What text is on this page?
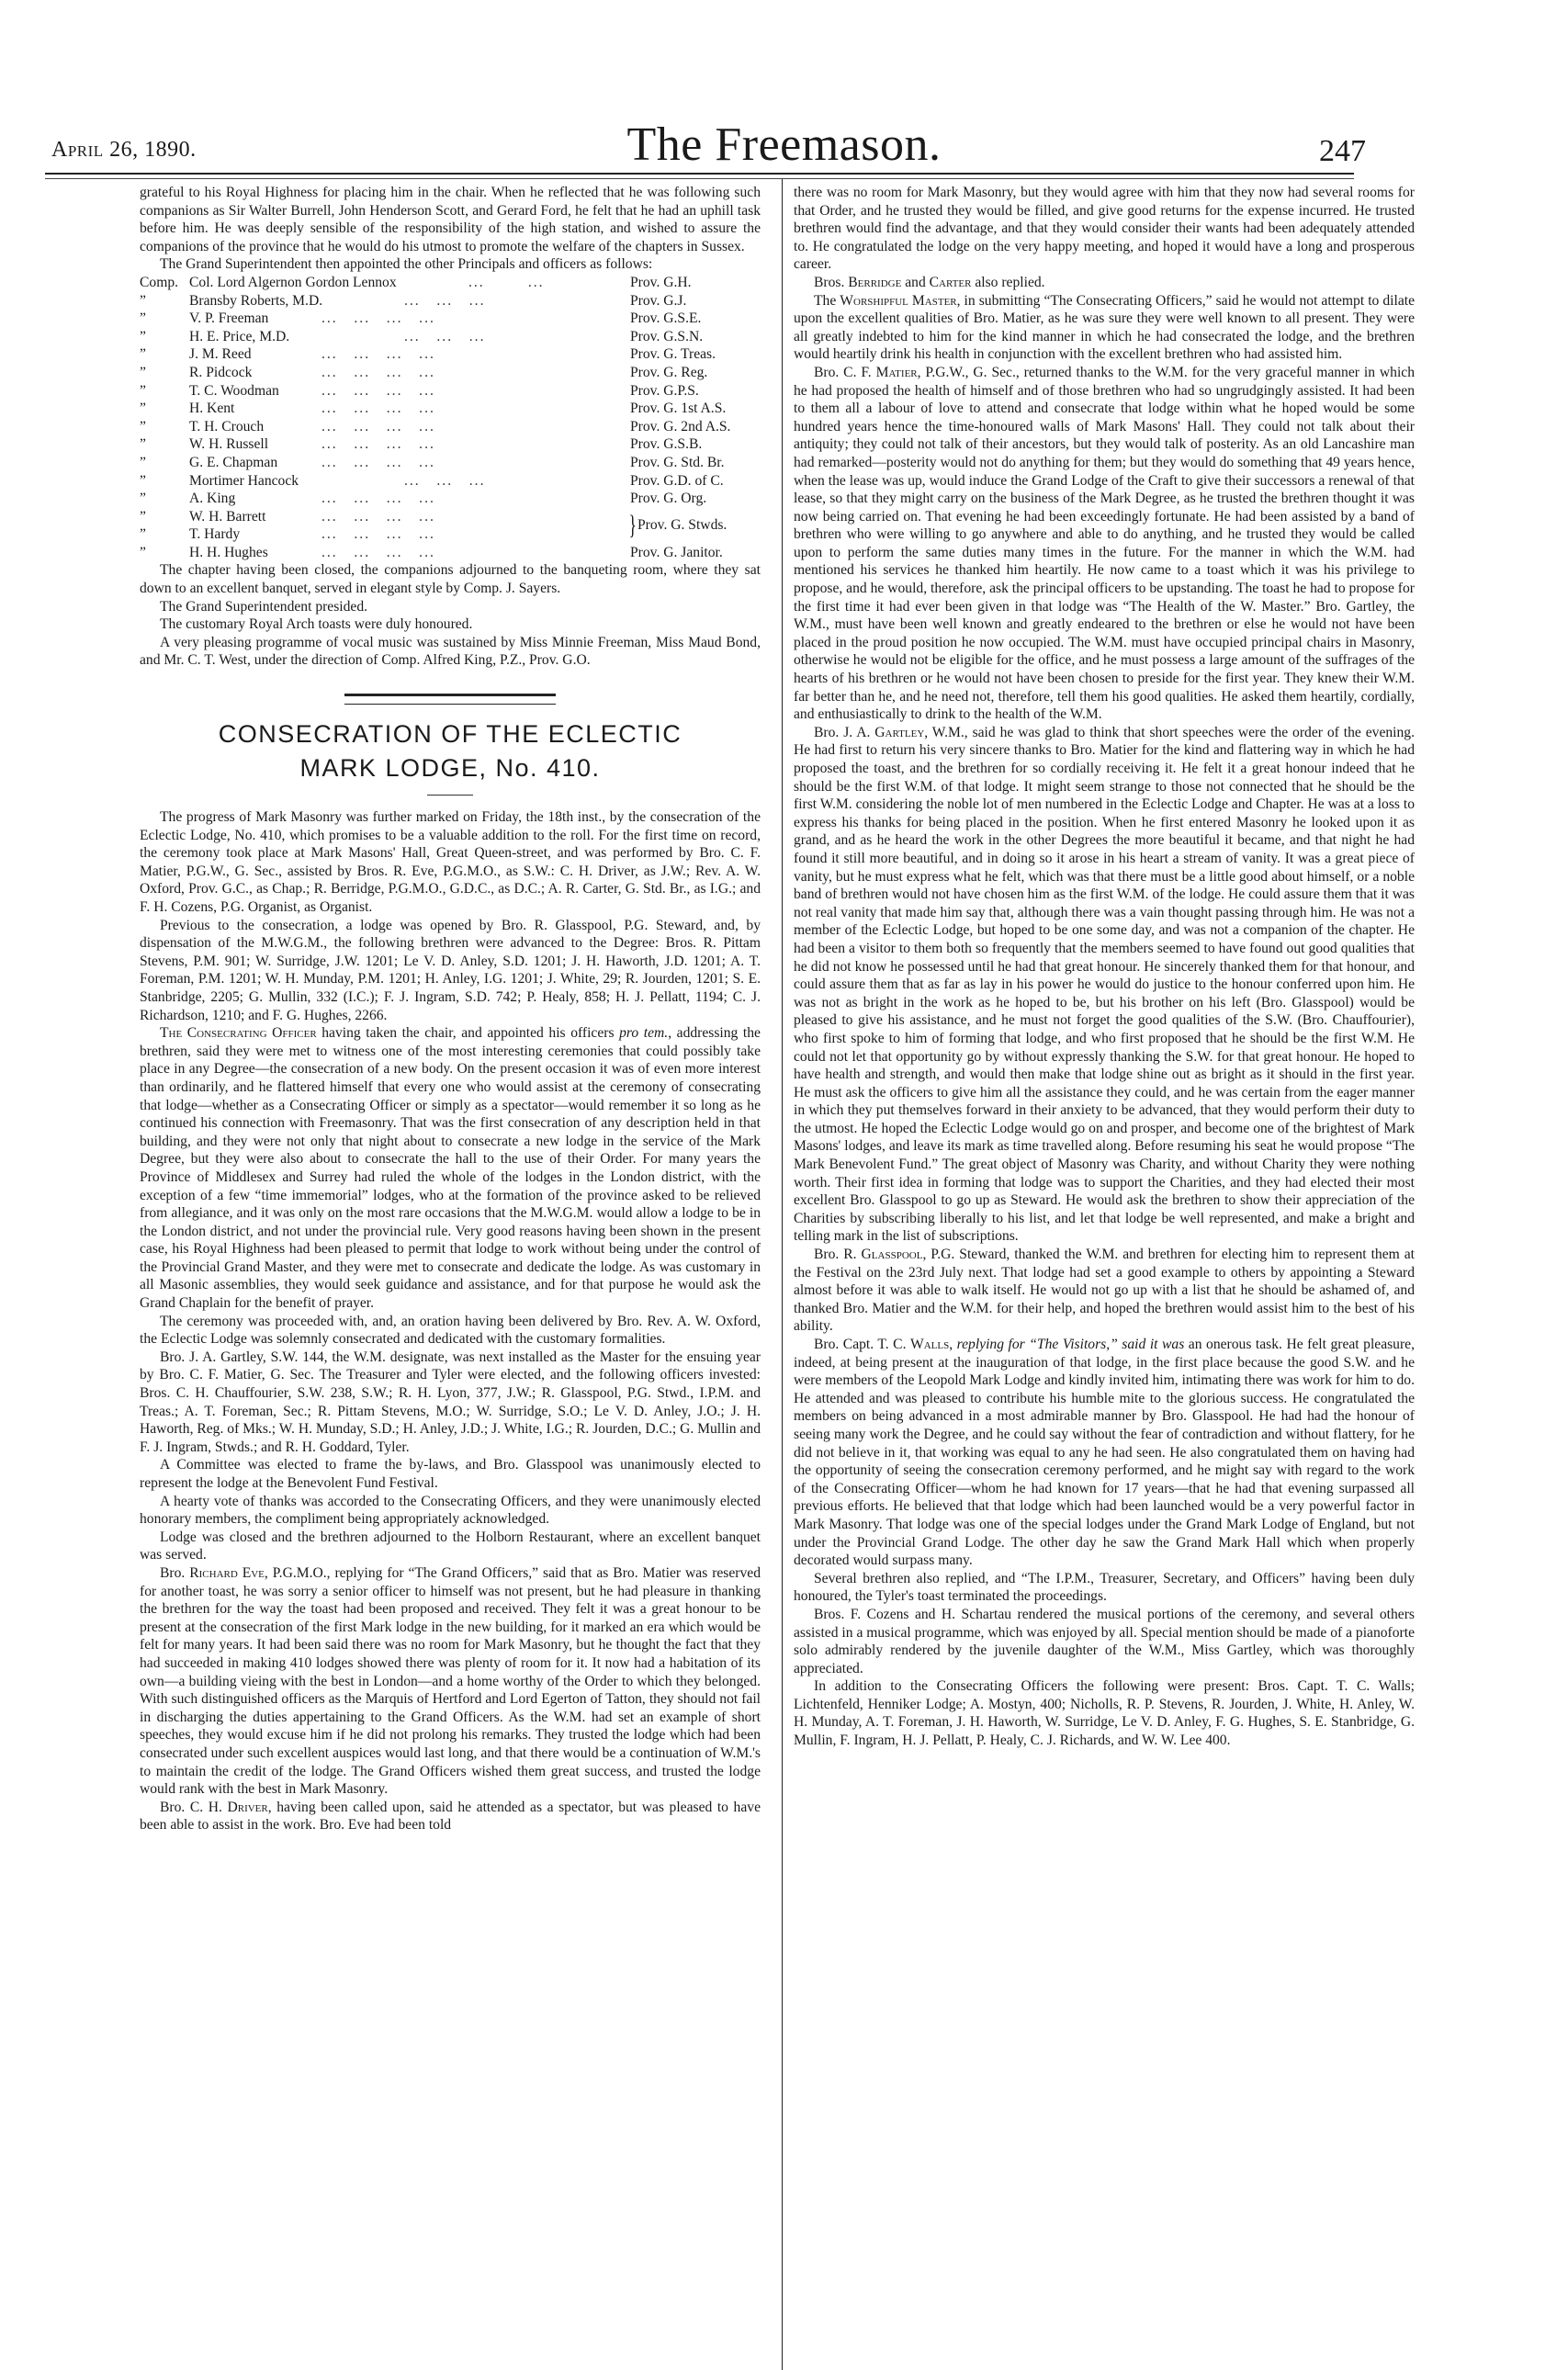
April 26, 1890.	The Freemason.	247

grateful to his Royal Highness for placing him in the chair. When he reflected that he was following such companions as Sir Walter Burrell, John Henderson Scott, and Gerard Ford, he felt that he had an uphill task before him. He was deeply sensible of the responsibility of the high station, and wished to assure the companions of the province that he would do his utmost to promote the welfare of the chapters in Sussex.

The Grand Superintendent then appointed the other Principals and officers as follows:

Comp. Col. Lord Algernon Gordon Lennox	...        ...	Prov. G.H.
”	Bransby Roberts, M.D.	...   ...   ...	Prov. G.J.
”	V. P. Freeman	...   ...   ...   ...	Prov. G.S.E.
”	H. E. Price, M.D.	...   ...   ...	Prov. G.S.N.
”	J. M. Reed	...   ...   ...   ...	Prov. G. Treas.
”	R. Pidcock	...   ...   ...   ...	Prov. G. Reg.
”	T. C. Woodman	...   ...   ...   ...	Prov. G.P.S.
”	H. Kent	...   ...   ...   ...	Prov. G. 1st A.S.
”	T. H. Crouch	...   ...   ...   ...	Prov. G. 2nd A.S.
”	W. H. Russell	...   ...   ...   ...	Prov. G.S.B.
”	G. E. Chapman	...   ...   ...   ...	Prov. G. Std. Br.
”	Mortimer Hancock	...   ...   ...	Prov. G.D. of C.
”	A. King	...   ...   ...   ...	Prov. G. Org.
”	W. H. Barrett	...   ...   ...   ...
”	T. Hardy	...   ...   ...   ...	} Prov. G. Stwds.
”	H. H. Hughes	...   ...   ...   ...	Prov. G. Janitor.

The chapter having been closed, the companions adjourned to the banqueting room, where they sat down to an excellent banquet, served in elegant style by Comp. J. Sayers.

The Grand Superintendent presided.

The customary Royal Arch toasts were duly honoured.

A very pleasing programme of vocal music was sustained by Miss Minnie Freeman, Miss Maud Bond, and Mr. C. T. West, under the direction of Comp. Alfred King, P.Z., Prov. G.O.

CONSECRATION OF THE ECLECTIC
MARK LODGE, No. 410.

The progress of Mark Masonry was further marked on Friday, the 18th inst., by the consecration of the Eclectic Lodge, No. 410, which promises to be a valuable addition to the roll. For the first time on record, the ceremony took place at Mark Masons' Hall, Great Queen-street, and was performed by Bro. C. F. Matier, P.G.W., G. Sec., assisted by Bros. R. Eve, P.G.M.O., as S.W.: C. H. Driver, as J.W.; Rev. A. W. Oxford, Prov. G.C., as Chap.; R. Berridge, P.G.M.O., G.D.C., as D.C.; A. R. Carter, G. Std. Br., as I.G.; and F. H. Cozens, P.G. Organist, as Organist.

Previous to the consecration, a lodge was opened by Bro. R. Glasspool, P.G. Steward, and, by dispensation of the M.W.G.M., the following brethren were advanced to the Degree: Bros. R. Pittam Stevens, P.M. 901; W. Surridge, J.W. 1201; Le V. D. Anley, S.D. 1201; J. H. Haworth, J.D. 1201; A. T. Foreman, P.M. 1201; W. H. Munday, P.M. 1201; H. Anley, I.G. 1201; J. White, 29; R. Jourden, 1201; S. E. Stanbridge, 2205; G. Mullin, 332 (I.C.); F. J. Ingram, S.D. 742; P. Healy, 858; H. J. Pellatt, 1194; C. J. Richardson, 1210; and F. G. Hughes, 2266.

The Consecrating Officer having taken the chair, and appointed his officers pro tem., addressing the brethren, said they were met to witness one of the most interesting ceremonies that could possibly take place in any Degree—the consecration of a new body. On the present occasion it was of even more interest than ordinarily, and he flattered himself that every one who would assist at the ceremony of consecrating that lodge—whether as a Consecrating Officer or simply as a spectator—would remember it so long as he continued his connection with Freemasonry. That was the first consecration of any description held in that building, and they were not only that night about to consecrate a new lodge in the service of the Mark Degree, but they were also about to consecrate the hall to the use of their Order. For many years the Province of Middlesex and Surrey had ruled the whole of the lodges in the London district, with the exception of a few “time immemorial” lodges, who at the formation of the province asked to be relieved from allegiance, and it was only on the most rare occasions that the M.W.G.M. would allow a lodge to be in the London district, and not under the provincial rule. Very good reasons having been shown in the present case, his Royal Highness had been pleased to permit that lodge to work without being under the control of the Provincial Grand Master, and they were met to consecrate and dedicate the lodge. As was customary in all Masonic assemblies, they would seek guidance and assistance, and for that purpose he would ask the Grand Chaplain for the benefit of prayer.

The ceremony was proceeded with, and, an oration having been delivered by Bro. Rev. A. W. Oxford, the Eclectic Lodge was solemnly consecrated and dedicated with the customary formalities.

Bro. J. A. Gartley, S.W. 144, the W.M. designate, was next installed as the Master for the ensuing year by Bro. C. F. Matier, G. Sec. The Treasurer and Tyler were elected, and the following officers invested: Bros. C. H. Chauffourier, S.W. 238, S.W.; R. H. Lyon, 377, J.W.; R. Glasspool, P.G. Stwd., I.P.M. and Treas.; A. T. Foreman, Sec.; R. Pittam Stevens, M.O.; W. Surridge, S.O.; Le V. D. Anley, J.O.; J. H. Haworth, Reg. of Mks.; W. H. Munday, S.D.; H. Anley, J.D.; J. White, I.G.; R. Jourden, D.C.; G. Mullin and F. J. Ingram, Stwds.; and R. H. Goddard, Tyler.

A Committee was elected to frame the by-laws, and Bro. Glasspool was unanimously elected to represent the lodge at the Benevolent Fund Festival.

A hearty vote of thanks was accorded to the Consecrating Officers, and they were unanimously elected honorary members, the compliment being appropriately acknowledged.

Lodge was closed and the brethren adjourned to the Holborn Restaurant, where an excellent banquet was served.

Bro. Richard Eve, P.G.M.O., replying for “The Grand Officers,” said that as Bro. Matier was reserved for another toast, he was sorry a senior officer to himself was not present, but he had pleasure in thanking the brethren for the way the toast had been proposed and received. They felt it was a great honour to be present at the consecration of the first Mark lodge in the new building, for it marked an era which would be felt for many years. It had been said there was no room for Mark Masonry, but he thought the fact that they had succeeded in making 410 lodges showed there was plenty of room for it. It now had a habitation of its own—a building vieing with the best in London—and a home worthy of the Order to which they belonged. With such distinguished officers as the Marquis of Hertford and Lord Egerton of Tatton, they should not fail in discharging the duties appertaining to the Grand Officers. As the W.M. had set an example of short speeches, they would excuse him if he did not prolong his remarks. They trusted the lodge which had been consecrated under such excellent auspices would last long, and that there would be a continuation of W.M.'s to maintain the credit of the lodge. The Grand Officers wished them great success, and trusted the lodge would rank with the best in Mark Masonry.

Bro. C. H. Driver, having been called upon, said he attended as a spectator, but was pleased to have been able to assist in the work. Bro. Eve had been told

there was no room for Mark Masonry, but they would agree with him that they now had several rooms for that Order, and he trusted they would be filled, and give good returns for the expense incurred. He trusted brethren would find the advantage, and that they would consider their wants had been adequately attended to. He congratulated the lodge on the very happy meeting, and hoped it would have a long and prosperous career.

Bros. Berridge and Carter also replied.

The Worshipful Master, in submitting “The Consecrating Officers,” said he would not attempt to dilate upon the excellent qualities of Bro. Matier, as he was sure they were well known to all present. They were all greatly indebted to him for the kind manner in which he had consecrated the lodge, and the brethren would heartily drink his health in conjunction with the excellent brethren who had assisted him.

Bro. C. F. Matier, P.G.W., G. Sec., returned thanks to the W.M. for the very graceful manner in which he had proposed the health of himself and of those brethren who had so ungrudgingly assisted. It had been to them all a labour of love to attend and consecrate that lodge within what he hoped would be some hundred years hence the time-honoured walls of Mark Masons' Hall. They could not talk about their antiquity; they could not talk of their ancestors, but they would talk of posterity. As an old Lancashire man had remarked—posterity would not do anything for them; but they would do something that 49 years hence, when the lease was up, would induce the Grand Lodge of the Craft to give their successors a renewal of that lease, so that they might carry on the business of the Mark Degree, as he trusted the brethren thought it was now being carried on. That evening he had been exceedingly fortunate. He had been assisted by a band of brethren who were willing to go anywhere and able to do anything, and he trusted they would be called upon to perform the same duties many times in the future. For the manner in which the W.M. had mentioned his services he thanked him heartily. He now came to a toast which it was his privilege to propose, and he would, therefore, ask the principal officers to be upstanding. The toast he had to propose for the first time it had ever been given in that lodge was “The Health of the W. Master.” Bro. Gartley, the W.M., must have been well known and greatly endeared to the brethren or else he would not have been placed in the proud position he now occupied. The W.M. must have occupied principal chairs in Masonry, otherwise he would not be eligible for the office, and he must possess a large amount of the suffrages of the hearts of his brethren or he would not have been chosen to preside for the first year. They knew their W.M. far better than he, and he need not, therefore, tell them his good qualities. He asked them heartily, cordially, and enthusiastically to drink to the health of the W.M.

Bro. J. A. Gartley, W.M., said he was glad to think that short speeches were the order of the evening. He had first to return his very sincere thanks to Bro. Matier for the kind and flattering way in which he had proposed the toast, and the brethren for so cordially receiving it. He felt it a great honour indeed that he should be the first W.M. of that lodge. It might seem strange to those not connected that he should be the first W.M. considering the noble lot of men numbered in the Eclectic Lodge and Chapter. He was at a loss to express his thanks for being placed in the position. When he first entered Masonry he looked upon it as grand, and as he heard the work in the other Degrees the more beautiful it became, and that night he had found it still more beautiful, and in doing so it arose in his heart a stream of vanity. It was a great piece of vanity, but he must express what he felt, which was that there must be a little good about himself, or a noble band of brethren would not have chosen him as the first W.M. of the lodge. He could assure them that it was not real vanity that made him say that, although there was a vain thought passing through him. He was not a member of the Eclectic Lodge, but hoped to be one some day, and was not a companion of the chapter. He had been a visitor to them both so frequently that the members seemed to have found out good qualities that he did not know he possessed until he had that great honour. He sincerely thanked them for that honour, and could assure them that as far as lay in his power he would do justice to the honour conferred upon him. He was not as bright in the work as he hoped to be, but his brother on his left (Bro. Glasspool) would be pleased to give his assistance, and he must not forget the good qualities of the S.W. (Bro. Chauffourier), who first spoke to him of forming that lodge, and who first proposed that he should be the first W.M. He could not let that opportunity go by without expressly thanking the S.W. for that great honour. He hoped to have health and strength, and would then make that lodge shine out as bright as it should in the first year. He must ask the officers to give him all the assistance they could, and he was certain from the eager manner in which they put themselves forward in their anxiety to be advanced, that they would perform their duty to the utmost. He hoped the Eclectic Lodge would go on and prosper, and become one of the brightest of Mark Masons' lodges, and leave its mark as time travelled along. Before resuming his seat he would propose “The Mark Benevolent Fund.” The great object of Masonry was Charity, and without Charity they were nothing worth. Their first idea in forming that lodge was to support the Charities, and they had elected their most excellent Bro. Glasspool to go up as Steward. He would ask the brethren to show their appreciation of the Charities by subscribing liberally to his list, and let that lodge be well represented, and make a bright and telling mark in the list of subscriptions.

Bro. R. Glasspool, P.G. Steward, thanked the W.M. and brethren for electing him to represent them at the Festival on the 23rd July next. That lodge had set a good example to others by appointing a Steward almost before it was able to walk itself. He would not go up with a list that he should be ashamed of, and thanked Bro. Matier and the W.M. for their help, and hoped the brethren would assist him to the best of his ability.

Bro. Capt. T. C. Walls, replying for “The Visitors,” said it was an onerous task. He felt great pleasure, indeed, at being present at the inauguration of that lodge, in the first place because the good S.W. and he were members of the Leopold Mark Lodge and kindly invited him, intimating there was work for him to do. He attended and was pleased to contribute his humble mite to the glorious success. He congratulated the members on being advanced in a most admirable manner by Bro. Glasspool. He had had the honour of seeing many work the Degree, and he could say without the fear of contradiction and without flattery, for he did not believe in it, that working was equal to any he had seen. He also congratulated them on having had the opportunity of seeing the consecration ceremony performed, and he might say with regard to the work of the Consecrating Officer—whom he had known for 17 years—that he had that evening surpassed all previous efforts. He believed that that lodge which had been launched would be a very powerful factor in Mark Masonry. That lodge was one of the special lodges under the Grand Mark Lodge of England, but not under the Provincial Grand Lodge. The other day he saw the Grand Mark Hall which when properly decorated would surpass many.

Several brethren also replied, and “The I.P.M., Treasurer, Secretary, and Officers” having been duly honoured, the Tyler's toast terminated the proceedings.

Bros. F. Cozens and H. Schartau rendered the musical portions of the ceremony, and several others assisted in a musical programme, which was enjoyed by all. Special mention should be made of a pianoforte solo admirably rendered by the juvenile daughter of the W.M., Miss Gartley, which was thoroughly appreciated.

In addition to the Consecrating Officers the following were present: Bros. Capt. T. C. Walls; Lichtenfeld, Henniker Lodge; A. Mostyn, 400; Nicholls, R. P. Stevens, R. Jourden, J. White, H. Anley, W. H. Munday, A. T. Foreman, J. H. Haworth, W. Surridge, Le V. D. Anley, F. G. Hughes, S. E. Stanbridge, G. Mullin, F. Ingram, H. J. Pellatt, P. Healy, C. J. Richards, and W. W. Lee 400.
